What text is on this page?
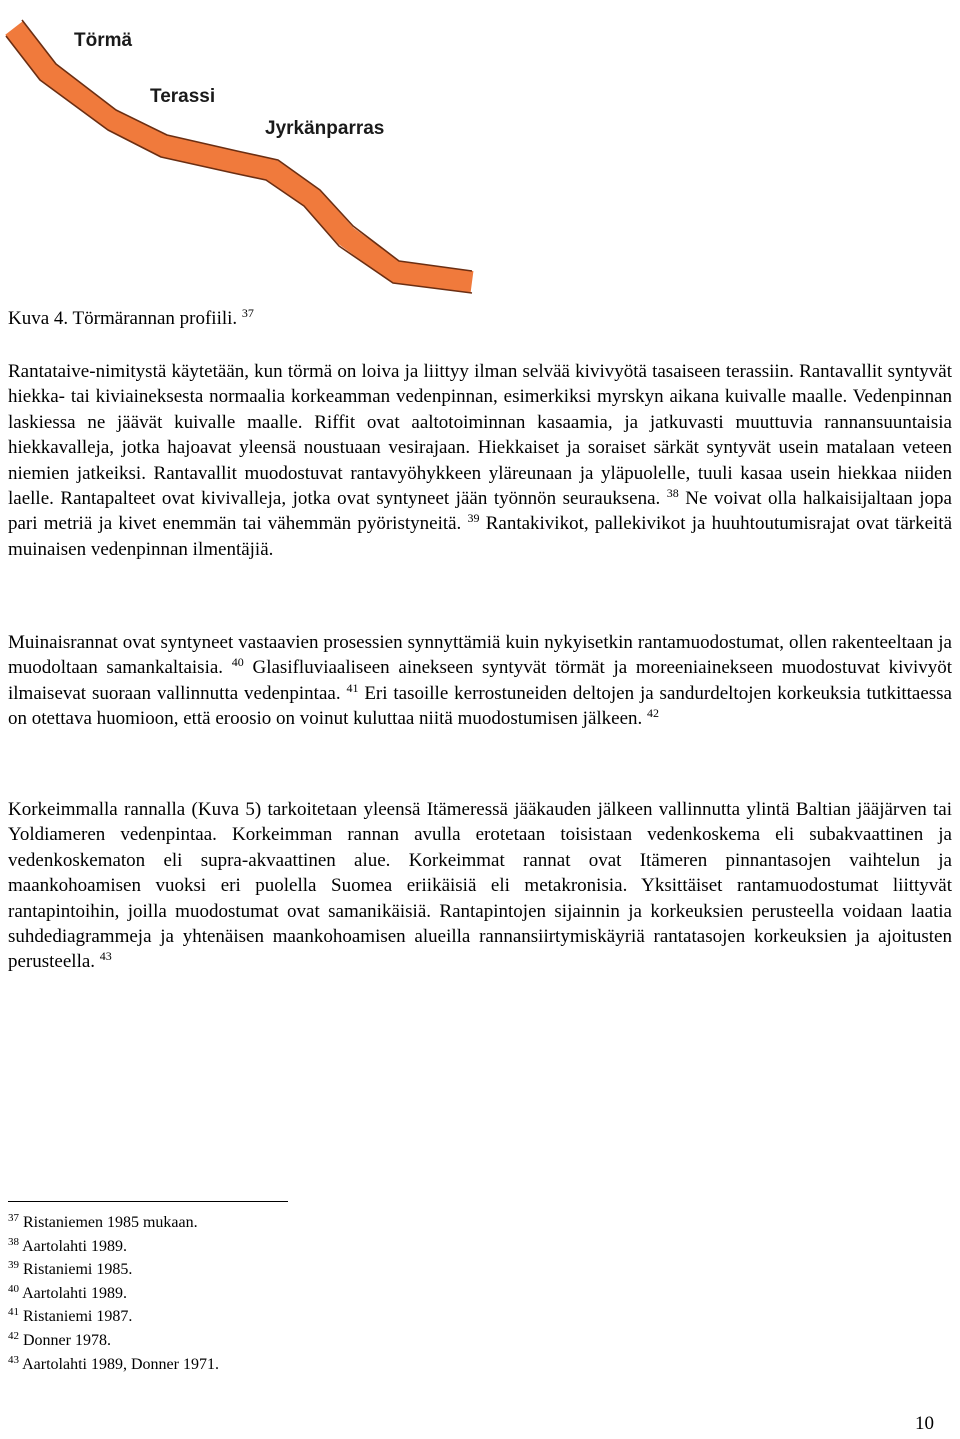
Törmä
Terassi
Jyrkänparras
Kuva 4. Törmärannan profiili. $^{37}$

Rantataive-nimitystä käytetään, kun törmä on loiva ja liittyy ilman selvää kivivyötä tasaiseen terassiin. Rantavallit syntyvät hiekka- tai kiviaineksesta normaalia korkeamman vedenpinnan, esimerkiksi myrskyn aikana kuivalle maalle. Vedenpinnan laskiessa ne jäävät kuivalle maalle. Riffit ovat aaltotoiminnan kasaamia, ja jatkuvasti muuttuvia rannansuuntaisia hiekkavalleja, jotka hajoavat yleensä noustuaan vesirajaan. Hiekkaiset ja soraiset särkät syntyvät usein matalaan veteen niemien jatkeiksi. Rantavallit muodostuvat rantavyöhykkeen yläreunaan ja yläpuolelle, tuuli kasaa usein hiekkaa niiden laelle. Rantapalteet ovat kivivalleja, jotka ovat syntyneet jään työnnön seurauksena. $^{38}$ Ne voivat olla halkaisijaltaan jopa pari metriä ja kivet enemmän tai vähemmän pyöristyneitä. $^{39}$ Rantakivikot, pallekivikot ja huuhtoutumisrajat ovat tärkeitä muinaisen vedenpinnan ilmentäjiä.

Muinaisrannat ovat syntyneet vastaavien prosessien synnyttämiä kuin nykyisetkin rantamuodostumat, ollen rakenteeltaan ja muodoltaan samankaltaisia. $^{40}$ Glasifluviaaliseen ainekseen syntyvät törmät ja moreeniainekseen muodostuvat kivivyöt ilmaisevat suoraan vallinnutta vedenpintaa. $^{41}$ Eri tasoille kerrostuneiden deltojen ja sandurdeltojen korkeuksia tutkittaessa on otettava huomioon, että eroosio on voinut kuluttaa niitä muodostumisen jälkeen. $^{42}$

Korkeimmalla rannalla (Kuva 5) tarkoitetaan yleensä Itämeressä jääkauden jälkeen vallinnutta ylintä Baltian jääjärven tai Yoldiameren vedenpintaa. Korkeimman rannan avulla erotetaan toisistaan vedenkoskema eli subakvaattinen ja vedenkoskematon eli supra-akvaattinen alue. Korkeimmat rannat ovat Itämeren pinnantasojen vaihtelun ja maankohoamisen vuoksi eri puolella Suomea eriikäisiä eli metakronisia. Yksittäiset rantamuodostumat liittyvät rantapintoihin, joilla muodostumat ovat samanikäisiä. Rantapintojen sijainnin ja korkeuksien perusteella voidaan laatia suhdediagrammeja ja yhtenäisen maankohoamisen alueilla rannansiirtymiskäyriä rantatasojen korkeuksien ja ajoitusten perusteella. $^{43}$

$^{37}$ Ristaniemen 1985 mukaan.
$^{38}$ Aartolahti 1989.
$^{39}$ Ristaniemi 1985.
$^{40}$ Aartolahti 1989.
$^{41}$ Ristaniemi 1987.
$^{42}$ Donner 1978.
$^{43}$ Aartolahti 1989, Donner 1971.
10
